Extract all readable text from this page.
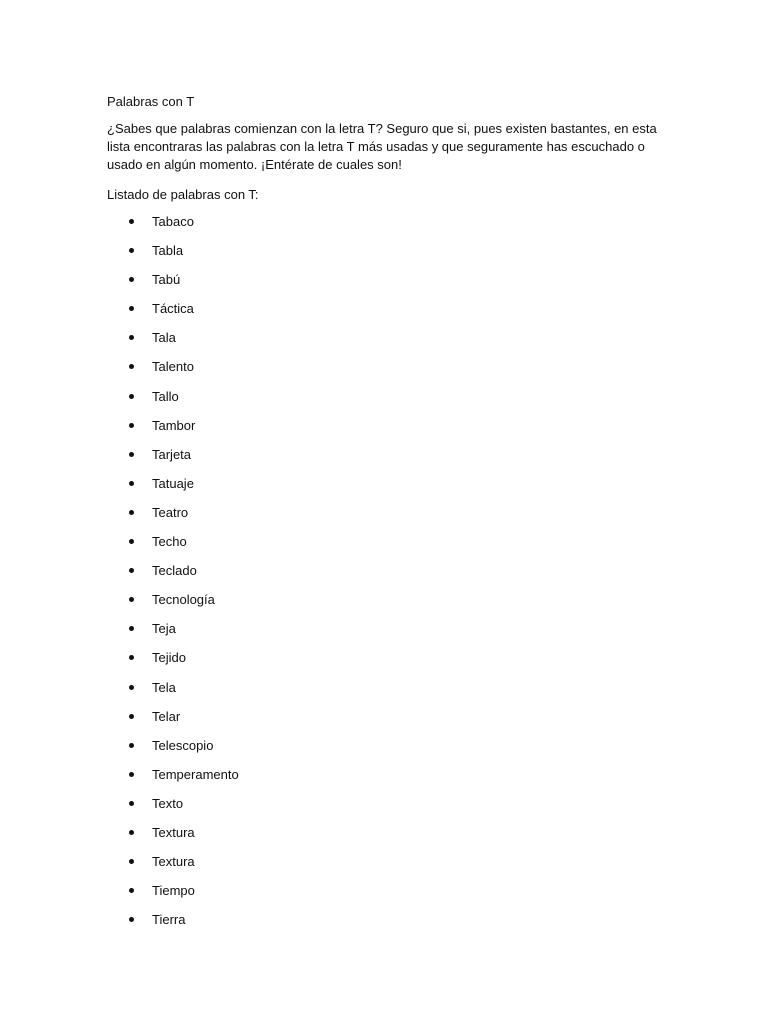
Palabras con T

¿Sabes que palabras comienzan con la letra T? Seguro que si, pues existen bastantes, en esta lista encontraras las palabras con la letra T más usadas y que seguramente has escuchado o usado en algún momento. ¡Entérate de cuales son!

Listado de palabras con T:

Tabaco
Tabla
Tabú
Táctica
Tala
Talento
Tallo
Tambor
Tarjeta
Tatuaje
Teatro
Techo
Teclado
Tecnología
Teja
Tejido
Tela
Telar
Telescopio
Temperamento
Texto
Textura
Textura
Tiempo
Tierra
